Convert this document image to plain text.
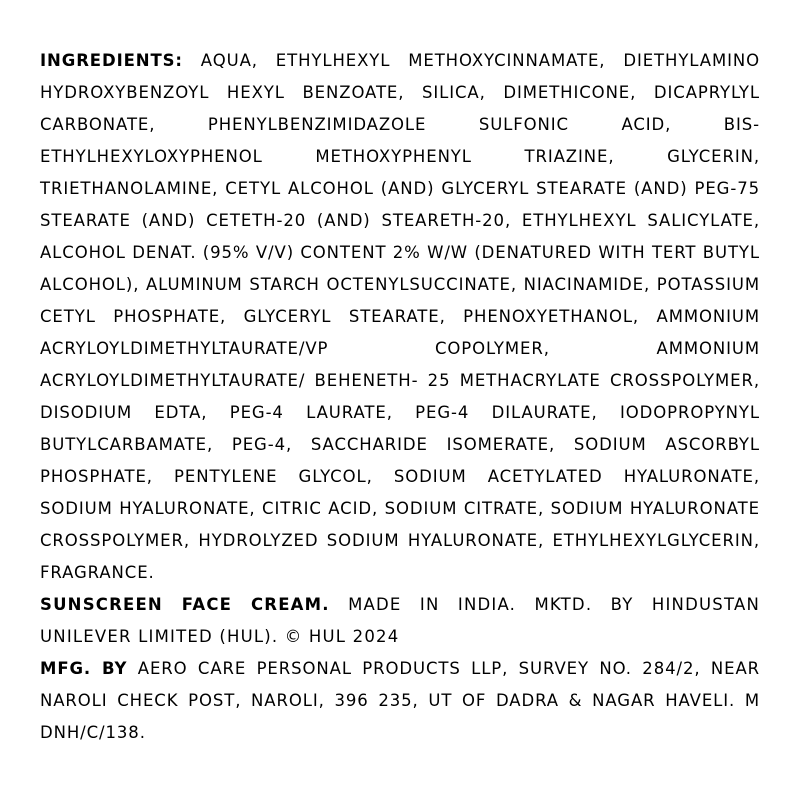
INGREDIENTS: AQUA, ETHYLHEXYL METHOXYCINNAMATE, DIETHYLAMINO HYDROXYBENZOYL HEXYL BENZOATE, SILICA, DIMETHICONE, DICAPRYLYL CARBONATE, PHENYLBENZIMIDAZOLE SULFONIC ACID, BIS-ETHYLHEXYLOXYPHENOL METHOXYPHENYL TRIAZINE, GLYCERIN, TRIETHANOLAMINE, CETYL ALCOHOL (AND) GLYCERYL STEARATE (AND) PEG-75 STEARATE (AND) CETETH-20 (AND) STEARETH-20, ETHYLHEXYL SALICYLATE, ALCOHOL DENAT. (95% V/V) CONTENT 2% W/W (DENATURED WITH TERT BUTYL ALCOHOL), ALUMINUM STARCH OCTENYLSUCCINATE, NIACINAMIDE, POTASSIUM CETYL PHOSPHATE, GLYCERYL STEARATE, PHENOXYETHANOL, AMMONIUM ACRYLOYLDIMETHYLTAURATE/VP COPOLYMER, AMMONIUM ACRYLOYLDIMETHYLTAURATE/ BEHENETH- 25 METHACRYLATE CROSSPOLYMER, DISODIUM EDTA, PEG-4 LAURATE, PEG-4 DILAURATE, IODOPROPYNYL BUTYLCARBAMATE, PEG-4, SACCHARIDE ISOMERATE, SODIUM ASCORBYL PHOSPHATE, PENTYLENE GLYCOL, SODIUM ACETYLATED HYALURONATE, SODIUM HYALURONATE, CITRIC ACID, SODIUM CITRATE, SODIUM HYALURONATE CROSSPOLYMER, HYDROLYZED SODIUM HYALURONATE, ETHYLHEXYLGLYCERIN, FRAGRANCE.

SUNSCREEN FACE CREAM. MADE IN INDIA. MKTD. BY HINDUSTAN UNILEVER LIMITED (HUL). © HUL 2024

MFG. BY AERO CARE PERSONAL PRODUCTS LLP, SURVEY NO. 284/2, NEAR NAROLI CHECK POST, NAROLI, 396 235, UT OF DADRA & NAGAR HAVELI. M DNH/C/138.
